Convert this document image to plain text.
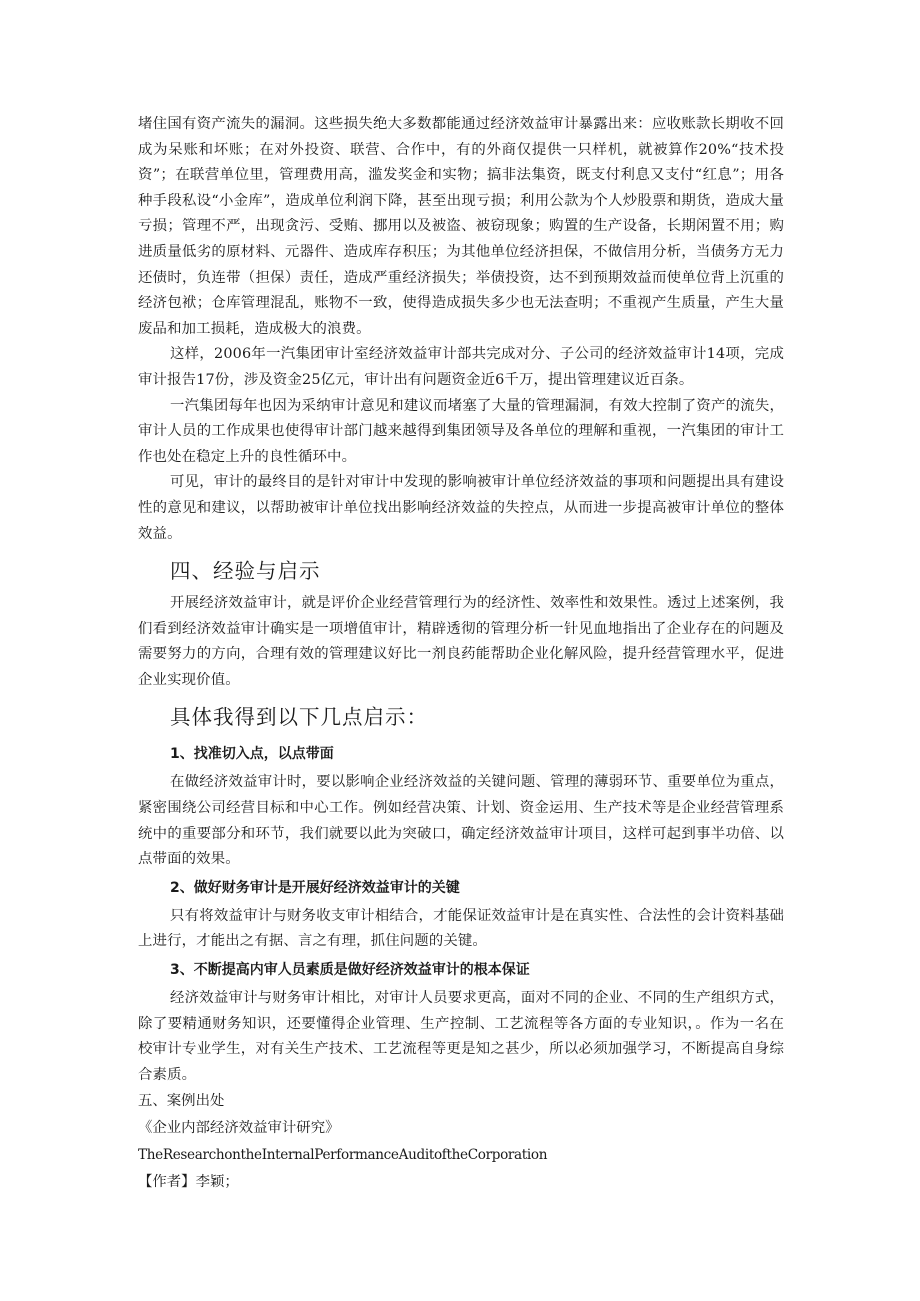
堵住国有资产流失的漏洞。这些损失绝大多数都能通过经济效益审计暴露出来：应收账款长期收不回成为呆账和坏账；在对外投资、联营、合作中，有的外商仅提供一只样机，就被算作20%“技术投资”；在联营单位里，管理费用高，滥发奖金和实物；搞非法集资，既支付利息又支付“红息”；用各种手段私设“小金库”，造成单位利润下降，甚至出现亏损；利用公款为个人炒股票和期货，造成大量亏损；管理不严，出现贪污、受贿、挪用以及被盗、被窃现象；购置的生产设备，长期闲置不用；购进质量低劣的原材料、元器件、造成库存积压；为其他单位经济担保，不做信用分析，当债务方无力还债时，负连带（担保）责任，造成严重经济损失；举债投资，达不到预期效益而使单位背上沉重的经济包袱；仓库管理混乱，账物不一致，使得造成损失多少也无法查明；不重视产生质量，产生大量废品和加工损耗，造成极大的浪费。

这样，2006年一汽集团审计室经济效益审计部共完成对分、子公司的经济效益审计14项，完成审计报告17份，涉及资金25亿元，审计出有问题资金近6千万，提出管理建议近百条。

一汽集团每年也因为采纳审计意见和建议而堵塞了大量的管理漏洞，有效大控制了资产的流失，审计人员的工作成果也使得审计部门越来越得到集团领导及各单位的理解和重视，一汽集团的审计工作也处在稳定上升的良性循环中。

可见，审计的最终目的是针对审计中发现的影响被审计单位经济效益的事项和问题提出具有建设性的意见和建议，以帮助被审计单位找出影响经济效益的失控点，从而进一步提高被审计单位的整体效益。

四、经验与启示

开展经济效益审计，就是评价企业经营管理行为的经济性、效率性和效果性。透过上述案例，我们看到经济效益审计确实是一项增值审计，精辟透彻的管理分析一针见血地指出了企业存在的问题及需要努力的方向，合理有效的管理建议好比一剂良药能帮助企业化解风险，提升经营管理水平，促进企业实现价值。

具体我得到以下几点启示：
1、找准切入点，以点带面

在做经济效益审计时，要以影响企业经济效益的关键问题、管理的薄弱环节、重要单位为重点，紧密围绕公司经营目标和中心工作。例如经营决策、计划、资金运用、生产技术等是企业经营管理系统中的重要部分和环节，我们就要以此为突破口，确定经济效益审计项目，这样可起到事半功倍、以点带面的效果。

2、做好财务审计是开展好经济效益审计的关键

只有将效益审计与财务收支审计相结合，才能保证效益审计是在真实性、合法性的会计资料基础上进行，才能出之有据、言之有理，抓住问题的关键。

3、不断提高内审人员素质是做好经济效益审计的根本保证

经济效益审计与财务审计相比，对审计人员要求更高，面对不同的企业、不同的生产组织方式，除了要精通财务知识，还要懂得企业管理、生产控制、工艺流程等各方面的专业知识，。作为一名在校审计专业学生，对有关生产技术、工艺流程等更是知之甚少，所以必须加强学习，不断提高自身综合素质。

五、案例出处

《企业内部经济效益审计研究》

TheResearchontheInternalPerformanceAuditoftheCorporation

【作者】李颖；
